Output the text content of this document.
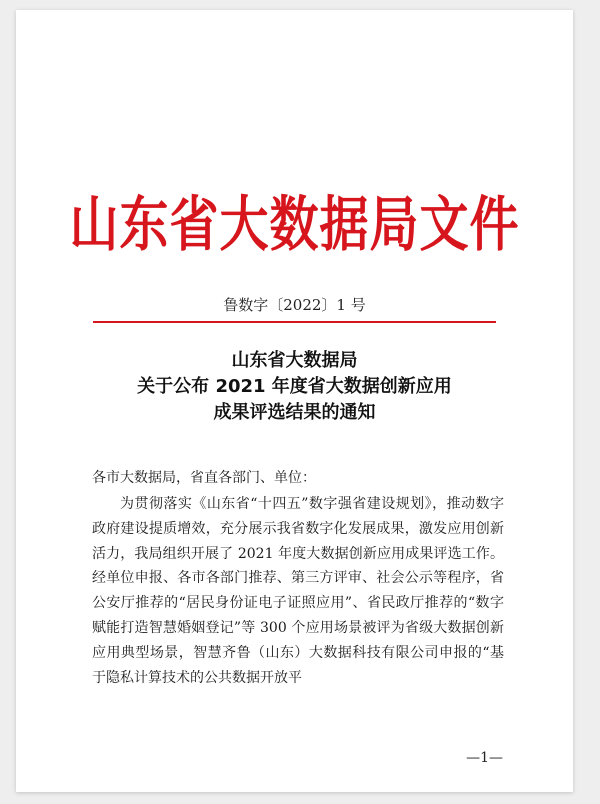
山东省大数据局文件
鲁数字〔2022〕1 号
山东省大数据局
关于公布 2021 年度省大数据创新应用
成果评选结果的通知
各市大数据局，省直各部门、单位：
为贯彻落实《山东省“十四五”数字强省建设规划》，推动数字政府建设提质增效，充分展示我省数字化发展成果，激发应用创新活力，我局组织开展了 2021 年度大数据创新应用成果评选工作。经单位申报、各市各部门推荐、第三方评审、社会公示等程序，省公安厅推荐的“居民身份证电子证照应用”、省民政厅推荐的“数字赋能打造智慧婚姻登记”等 300 个应用场景被评为省级大数据创新应用典型场景，智慧齐鲁（山东）大数据科技有限公司申报的“基于隐私计算技术的公共数据开放平
—1—
